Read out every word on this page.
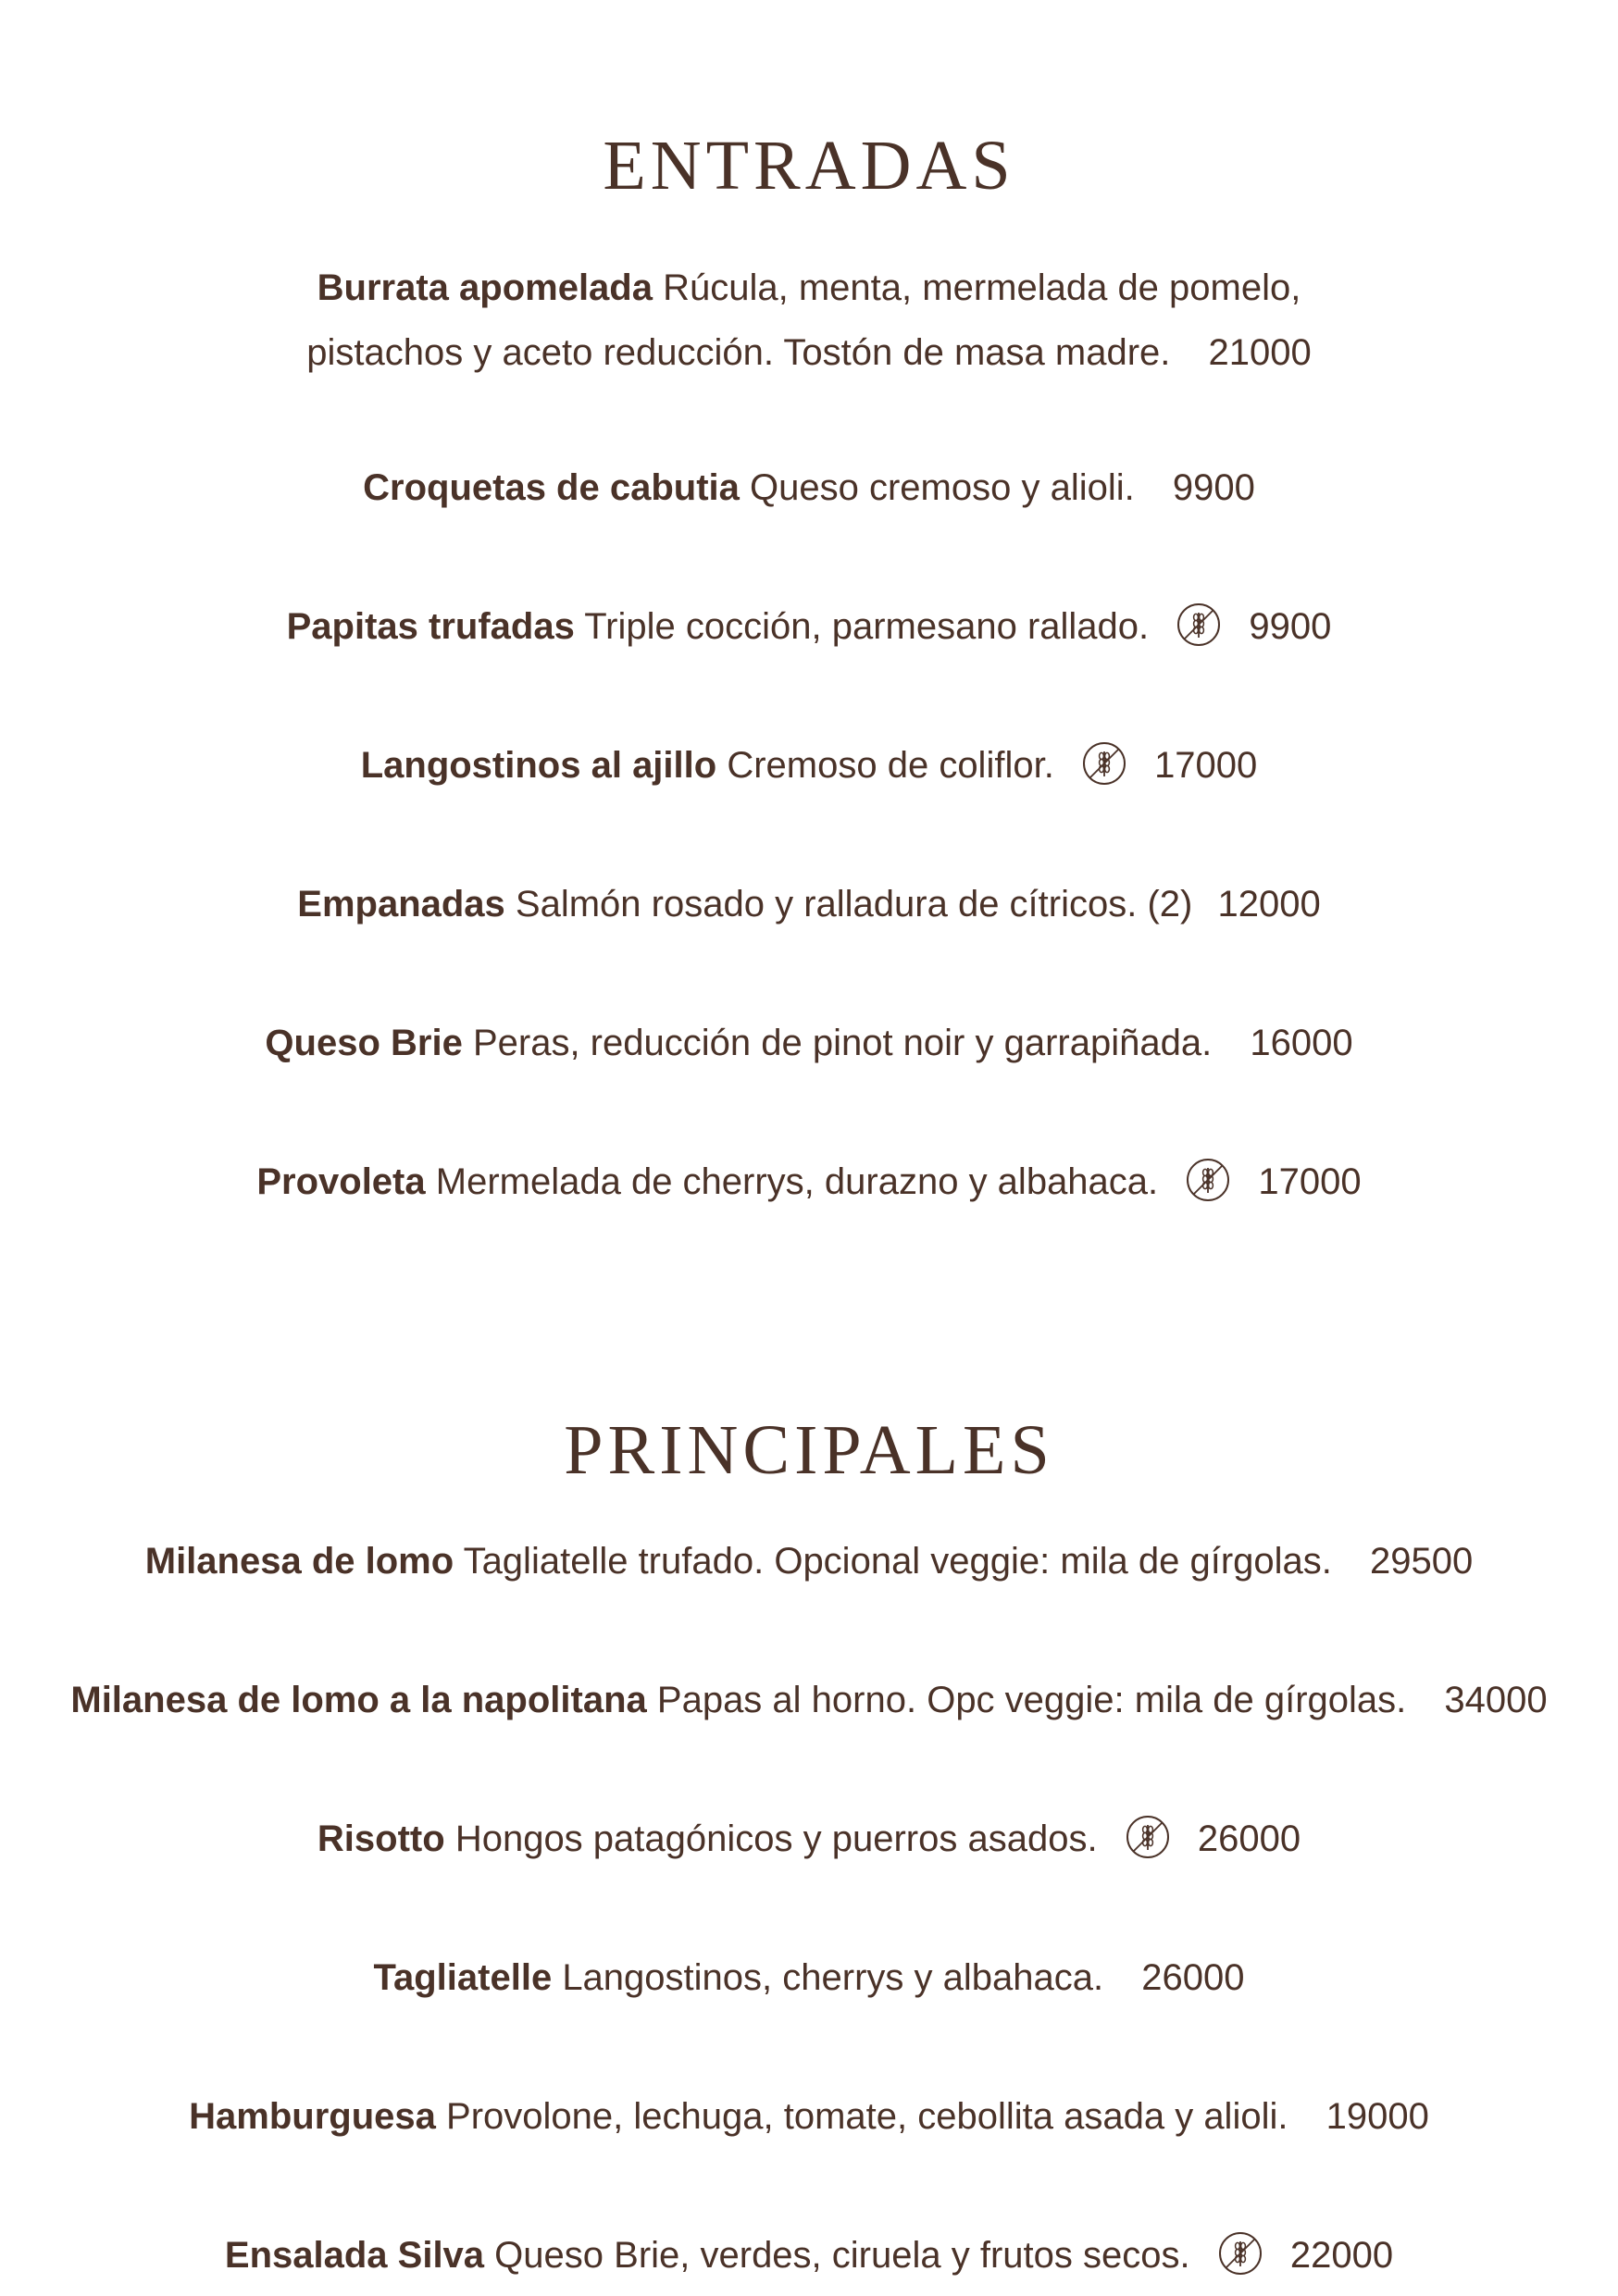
ENTRADAS
Burrata apomelada Rúcula, menta, mermelada de pomelo, pistachos y aceto reducción. Tostón de masa madre. 21000
Croquetas de cabutia Queso cremoso y alioli. 9900
Papitas trufadas Triple cocción, parmesano rallado.	9900
Langostinos al ajillo Cremoso de coliflor.	17000
Empanadas Salmón rosado y ralladura de cítricos. (2) 12000
Queso Brie Peras, reducción de pinot noir y garrapiñada. 16000
Provoleta Mermelada de cherrys, durazno y albahaca.	17000
PRINCIPALES
Milanesa de lomo Tagliatelle trufado. Opcional veggie: mila de gírgolas. 29500
Milanesa de lomo a la napolitana Papas al horno. Opc veggie: mila de gírgolas. 34000
Risotto Hongos patagónicos y puerros asados.	26000
Tagliatelle Langostinos, cherrys y albahaca. 26000
Hamburguesa Provolone, lechuga, tomate, cebollita asada y alioli. 19000
Ensalada Silva Queso Brie, verdes, ciruela y frutos secos.	22000
